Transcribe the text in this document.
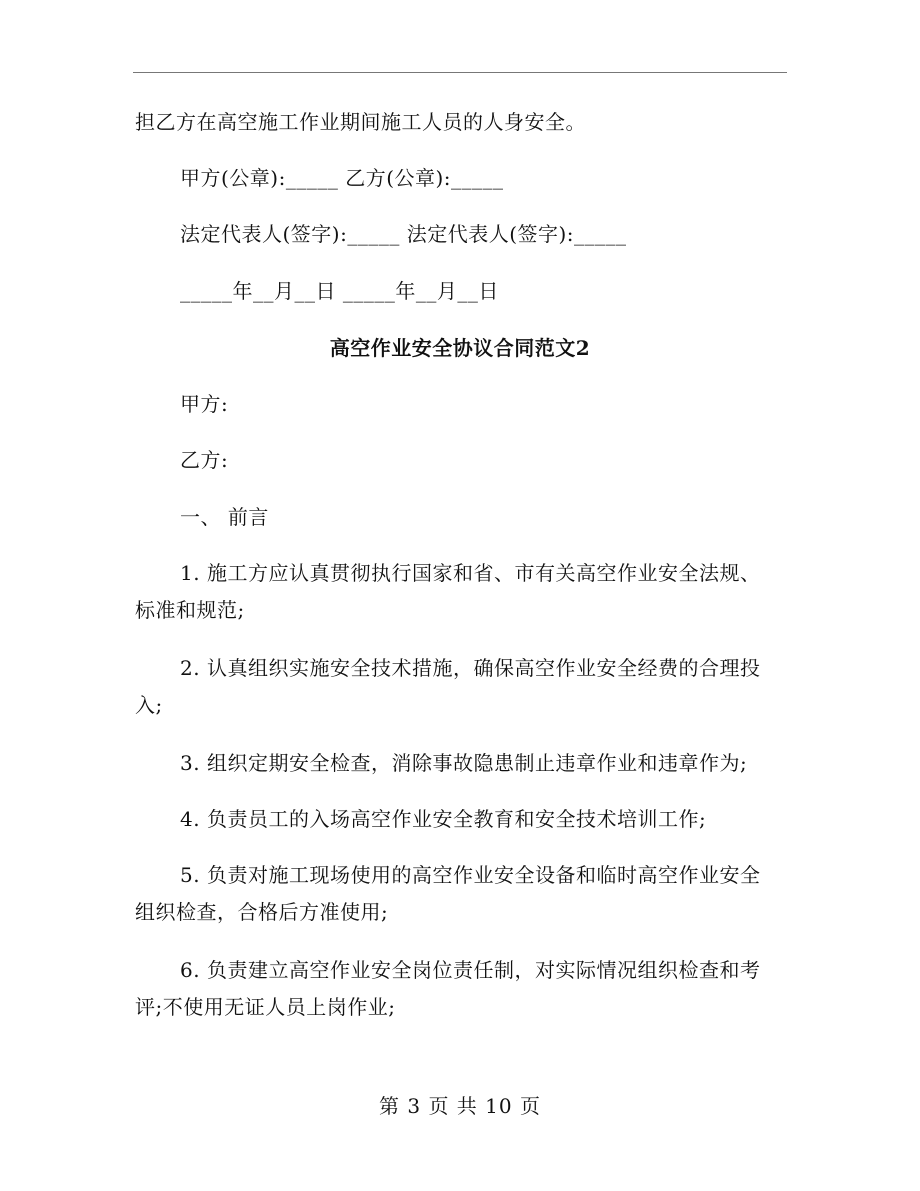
担乙方在高空施工作业期间施工人员的人身安全。
甲方(公章):_____ 乙方(公章):_____
法定代表人(签字):_____ 法定代表人(签字):_____
_____年__月__日 _____年__月__日
高空作业安全协议合同范文2
甲方:
乙方:
一、 前言
1. 施工方应认真贯彻执行国家和省、市有关高空作业安全法规、
标准和规范;
2. 认真组织实施安全技术措施，确保高空作业安全经费的合理投
入;
3. 组织定期安全检查，消除事故隐患制止违章作业和违章作为;
4. 负责员工的入场高空作业安全教育和安全技术培训工作;
5. 负责对施工现场使用的高空作业安全设备和临时高空作业安全
组织检查，合格后方准使用;
6. 负责建立高空作业安全岗位责任制，对实际情况组织检查和考
评;不使用无证人员上岗作业;
第 3 页 共 10 页
